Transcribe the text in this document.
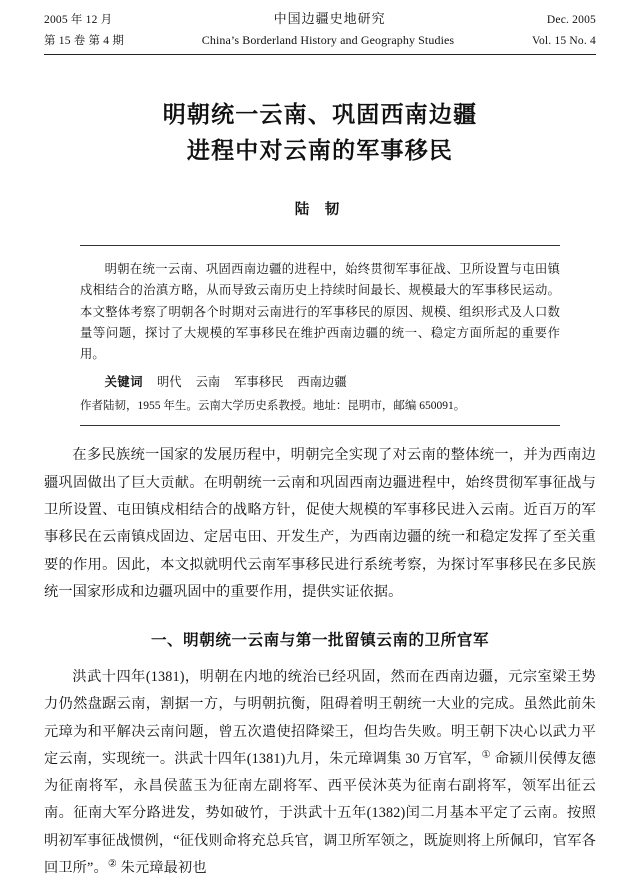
2005 年 12 月	中国边疆史地研究	Dec. 2005
第 15 卷 第 4 期	China’s Borderland History and Geography Studies	Vol. 15 No. 4
明朝统一云南、巩固西南边疆
进程中对云南的军事移民
陆 韧
明朝在统一云南、巩固西南边疆的进程中，始终贯彻军事征战、卫所设置与屯田镇戍相结合的治滇方略，从而导致云南历史上持续时间最长、规模最大的军事移民运动。本文整体考察了明朝各个时期对云南进行的军事移民的原因、规模、组织形式及人口数量等问题，探讨了大规模的军事移民在维护西南边疆的统一、稳定方面所起的重要作用。
关键词 明代 云南 军事移民 西南边疆
作者陆韧，1955 年生。云南大学历史系教授。地址：昆明市，邮编 650091。
在多民族统一国家的发展历程中，明朝完全实现了对云南的整体统一，并为西南边疆巩固做出了巨大贡献。在明朝统一云南和巩固西南边疆进程中，始终贯彻军事征战与卫所设置、屯田镇戍相结合的战略方针，促使大规模的军事移民进入云南。近百万的军事移民在云南镇戍固边、定居屯田、开发生产，为西南边疆的统一和稳定发挥了至关重要的作用。因此，本文拟就明代云南军事移民进行系统考察，为探讨军事移民在多民族统一国家形成和边疆巩固中的重要作用，提供实证依据。
一、明朝统一云南与第一批留镇云南的卫所官军
洪武十四年(1381)，明朝在内地的统治已经巩固，然而在西南边疆，元宗室梁王势力仍然盘踞云南，割据一方，与明朝抗衡，阻碍着明王朝统一大业的完成。虽然此前朱元璋为和平解决云南问题，曾五次遣使招降梁王，但均告失败。明王朝下决心以武力平定云南，实现统一。洪武十四年(1381)九月，朱元璋调集 30 万官军，① 命颍川侯傅友德为征南将军，永昌侯蓝玉为征南左副将军、西平侯沐英为征南右副将军，领军出征云南。征南大军分路进发，势如破竹，于洪武十五年(1382)闰二月基本平定了云南。按照明初军事征战惯例，“征伐则命将充总兵官，调卫所军领之，既旋则将上所佩印，官军各回卫所”。② 朱元璋最初也
